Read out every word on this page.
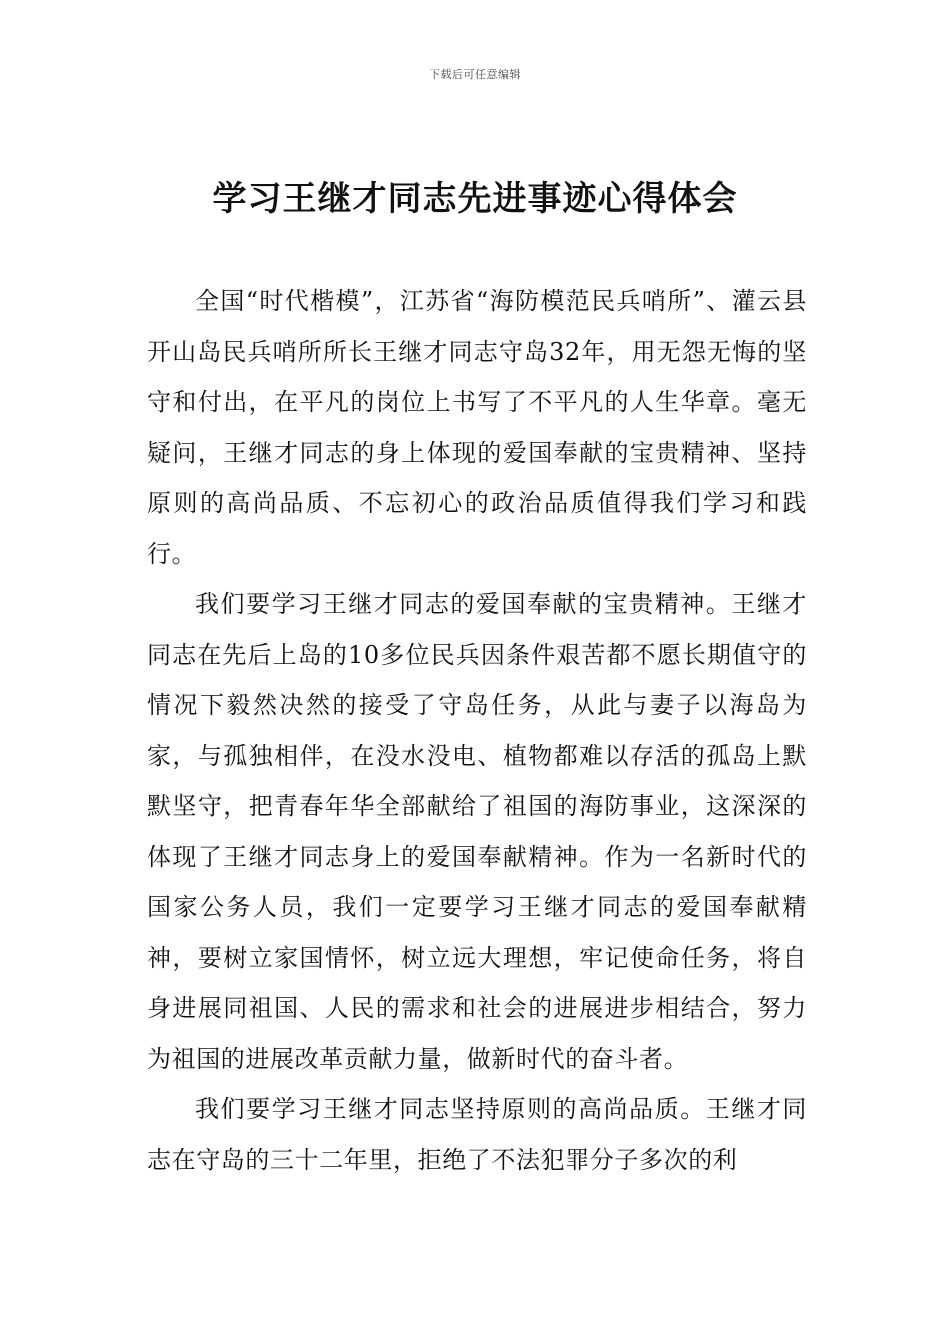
下载后可任意编辑
学习王继才同志先进事迹心得体会

全国“时代楷模”，江苏省“海防模范民兵哨所”、灌云县开山岛民兵哨所所长王继才同志守岛32年，用无怨无悔的坚守和付出，在平凡的岗位上书写了不平凡的人生华章。毫无疑问，王继才同志的身上体现的爱国奉献的宝贵精神、坚持原则的高尚品质、不忘初心的政治品质值得我们学习和践行。

我们要学习王继才同志的爱国奉献的宝贵精神。王继才同志在先后上岛的10多位民兵因条件艰苦都不愿长期值守的情况下毅然决然的接受了守岛任务，从此与妻子以海岛为家，与孤独相伴，在没水没电、植物都难以存活的孤岛上默默坚守，把青春年华全部献给了祖国的海防事业，这深深的体现了王继才同志身上的爱国奉献精神。作为一名新时代的国家公务人员，我们一定要学习王继才同志的爱国奉献精神，要树立家国情怀，树立远大理想，牢记使命任务，将自身进展同祖国、人民的需求和社会的进展进步相结合，努力为祖国的进展改革贡献力量，做新时代的奋斗者。

我们要学习王继才同志坚持原则的高尚品质。王继才同志在守岛的三十二年里，拒绝了不法犯罪分子多次的利
